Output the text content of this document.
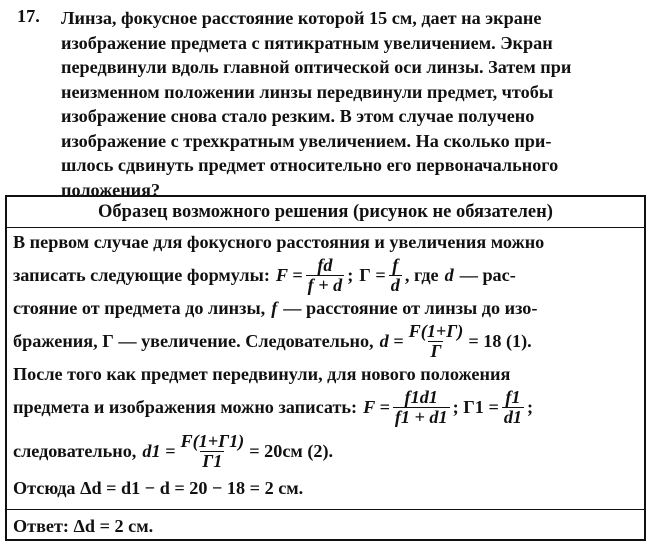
17. Линза, фокусное расстояние которой 15 см, дает на экране
изображение предмета с пятикратным увеличением. Экран
передвинули вдоль главной оптической оси линзы. Затем при
неизменном положении линзы передвинули предмет, чтобы
изображение снова стало резким. В этом случае получено
изображение с трехкратным увеличением. На сколько при-
шлось сдвинуть предмет относительно его первоначального
положения?
Образец возможного решения (рисунок не обязателен)
В первом случае для фокусного расстояния и увеличения можно
записать следующие формулы: $F = \frac{fd}{f + d}$ ; $Г = \frac{f}{d}$ , где d — рас-
стояние от предмета до линзы, f — расстояние от линзы до изо-
бражения, Г — увеличение. Следовательно, $d = \frac{F(1+Г)}{Г} = 18$ (1).
После того как предмет передвинули, для нового положения
предмета и изображения можно записать: $F = \frac{f1d1}{f1 + d1}$ ; $Г1 = \frac{f1}{d1}$ ;
следовательно, $d1 = \frac{F(1+Г1)}{Г1} = 20см$ (2).
Отсюда Δd = d1 − d = 20 − 18 = 2 см.
Ответ: Δd = 2 см.
